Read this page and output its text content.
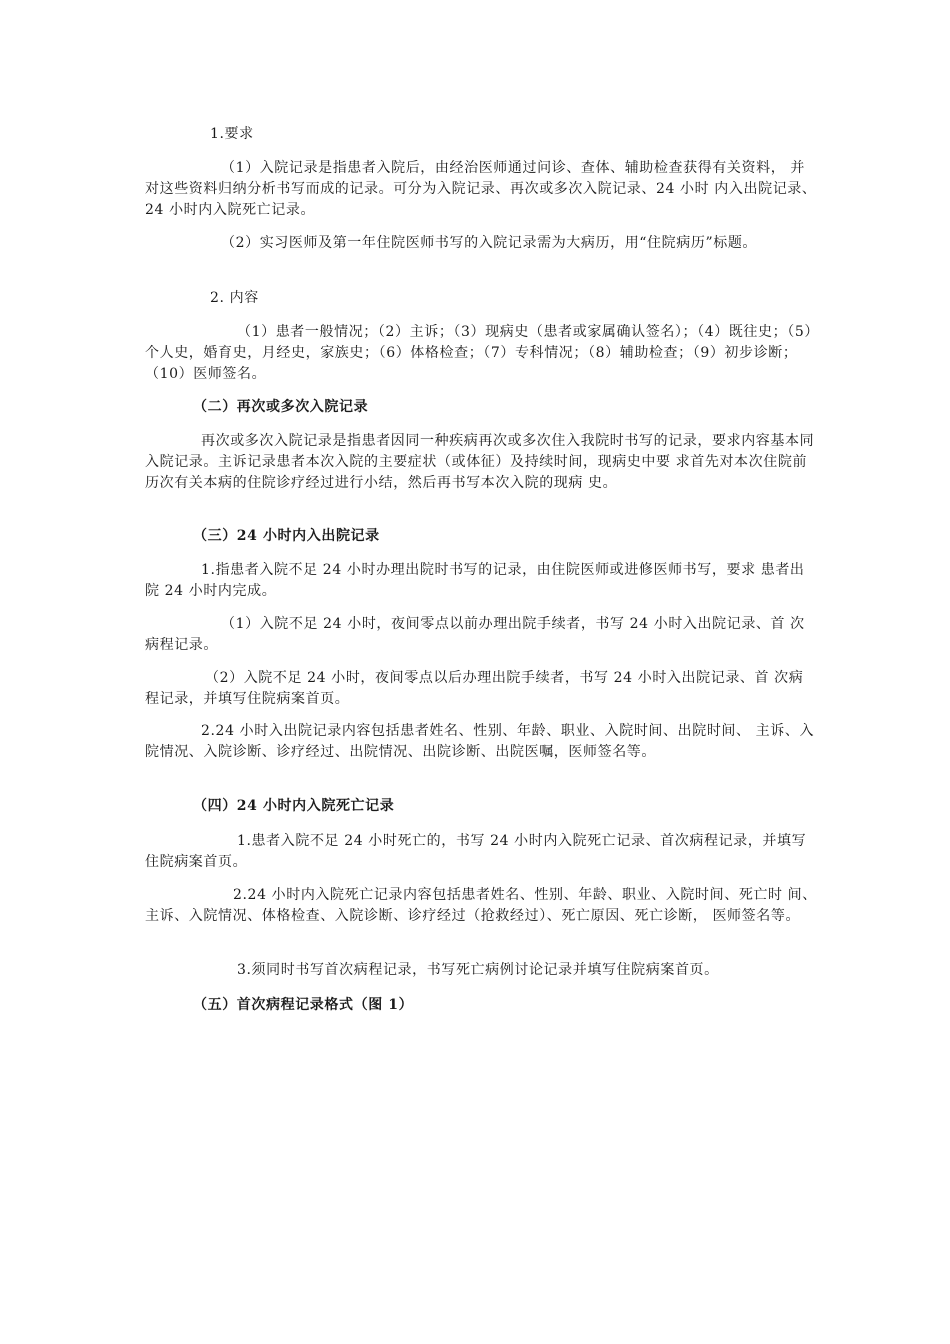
1.要求

（1）入院记录是指患者入院后，由经治医师通过问诊、查体、辅助检查获得有关资料， 并对这些资料归纳分析书写而成的记录。可分为入院记录、再次或多次入院记录、24 小时 内入出院记录、24 小时内入院死亡记录。

（2）实习医师及第一年住院医师书写的入院记录需为大病历，用“住院病历”标题。

2. 内容

（1）患者一般情况；（2）主诉；（3）现病史（患者或家属确认签名）；（4）既往史；（5）个人史，婚育史，月经史，家族史；（6）体格检查；（7）专科情况；（8）辅助检查；（9）初步诊断；（10）医师签名。

（二）再次或多次入院记录

再次或多次入院记录是指患者因同一种疾病再次或多次住入我院时书写的记录，要求内容基本同入院记录。主诉记录患者本次入院的主要症状（或体征）及持续时间，现病史中要 求首先对本次住院前历次有关本病的住院诊疗经过进行小结，然后再书写本次入院的现病 史。

（三）24 小时内入出院记录

1.指患者入院不足 24 小时办理出院时书写的记录，由住院医师或进修医师书写，要求 患者出院 24 小时内完成。

（1）入院不足 24 小时，夜间零点以前办理出院手续者，书写 24 小时入出院记录、首 次病程记录。

（2）入院不足 24 小时，夜间零点以后办理出院手续者，书写 24 小时入出院记录、首 次病程记录，并填写住院病案首页。

2.24 小时入出院记录内容包括患者姓名、性别、年龄、职业、入院时间、出院时间、 主诉、入院情况、入院诊断、诊疗经过、出院情况、出院诊断、出院医嘱，医师签名等。

（四）24 小时内入院死亡记录

1.患者入院不足 24 小时死亡的，书写 24 小时内入院死亡记录、首次病程记录，并填写 住院病案首页。

2.24 小时内入院死亡记录内容包括患者姓名、性别、年龄、职业、入院时间、死亡时 间、主诉、入院情况、体格检查、入院诊断、诊疗经过（抢救经过）、死亡原因、死亡诊断， 医师签名等。

3.须同时书写首次病程记录，书写死亡病例讨论记录并填写住院病案首页。

（五）首次病程记录格式（图 1）
